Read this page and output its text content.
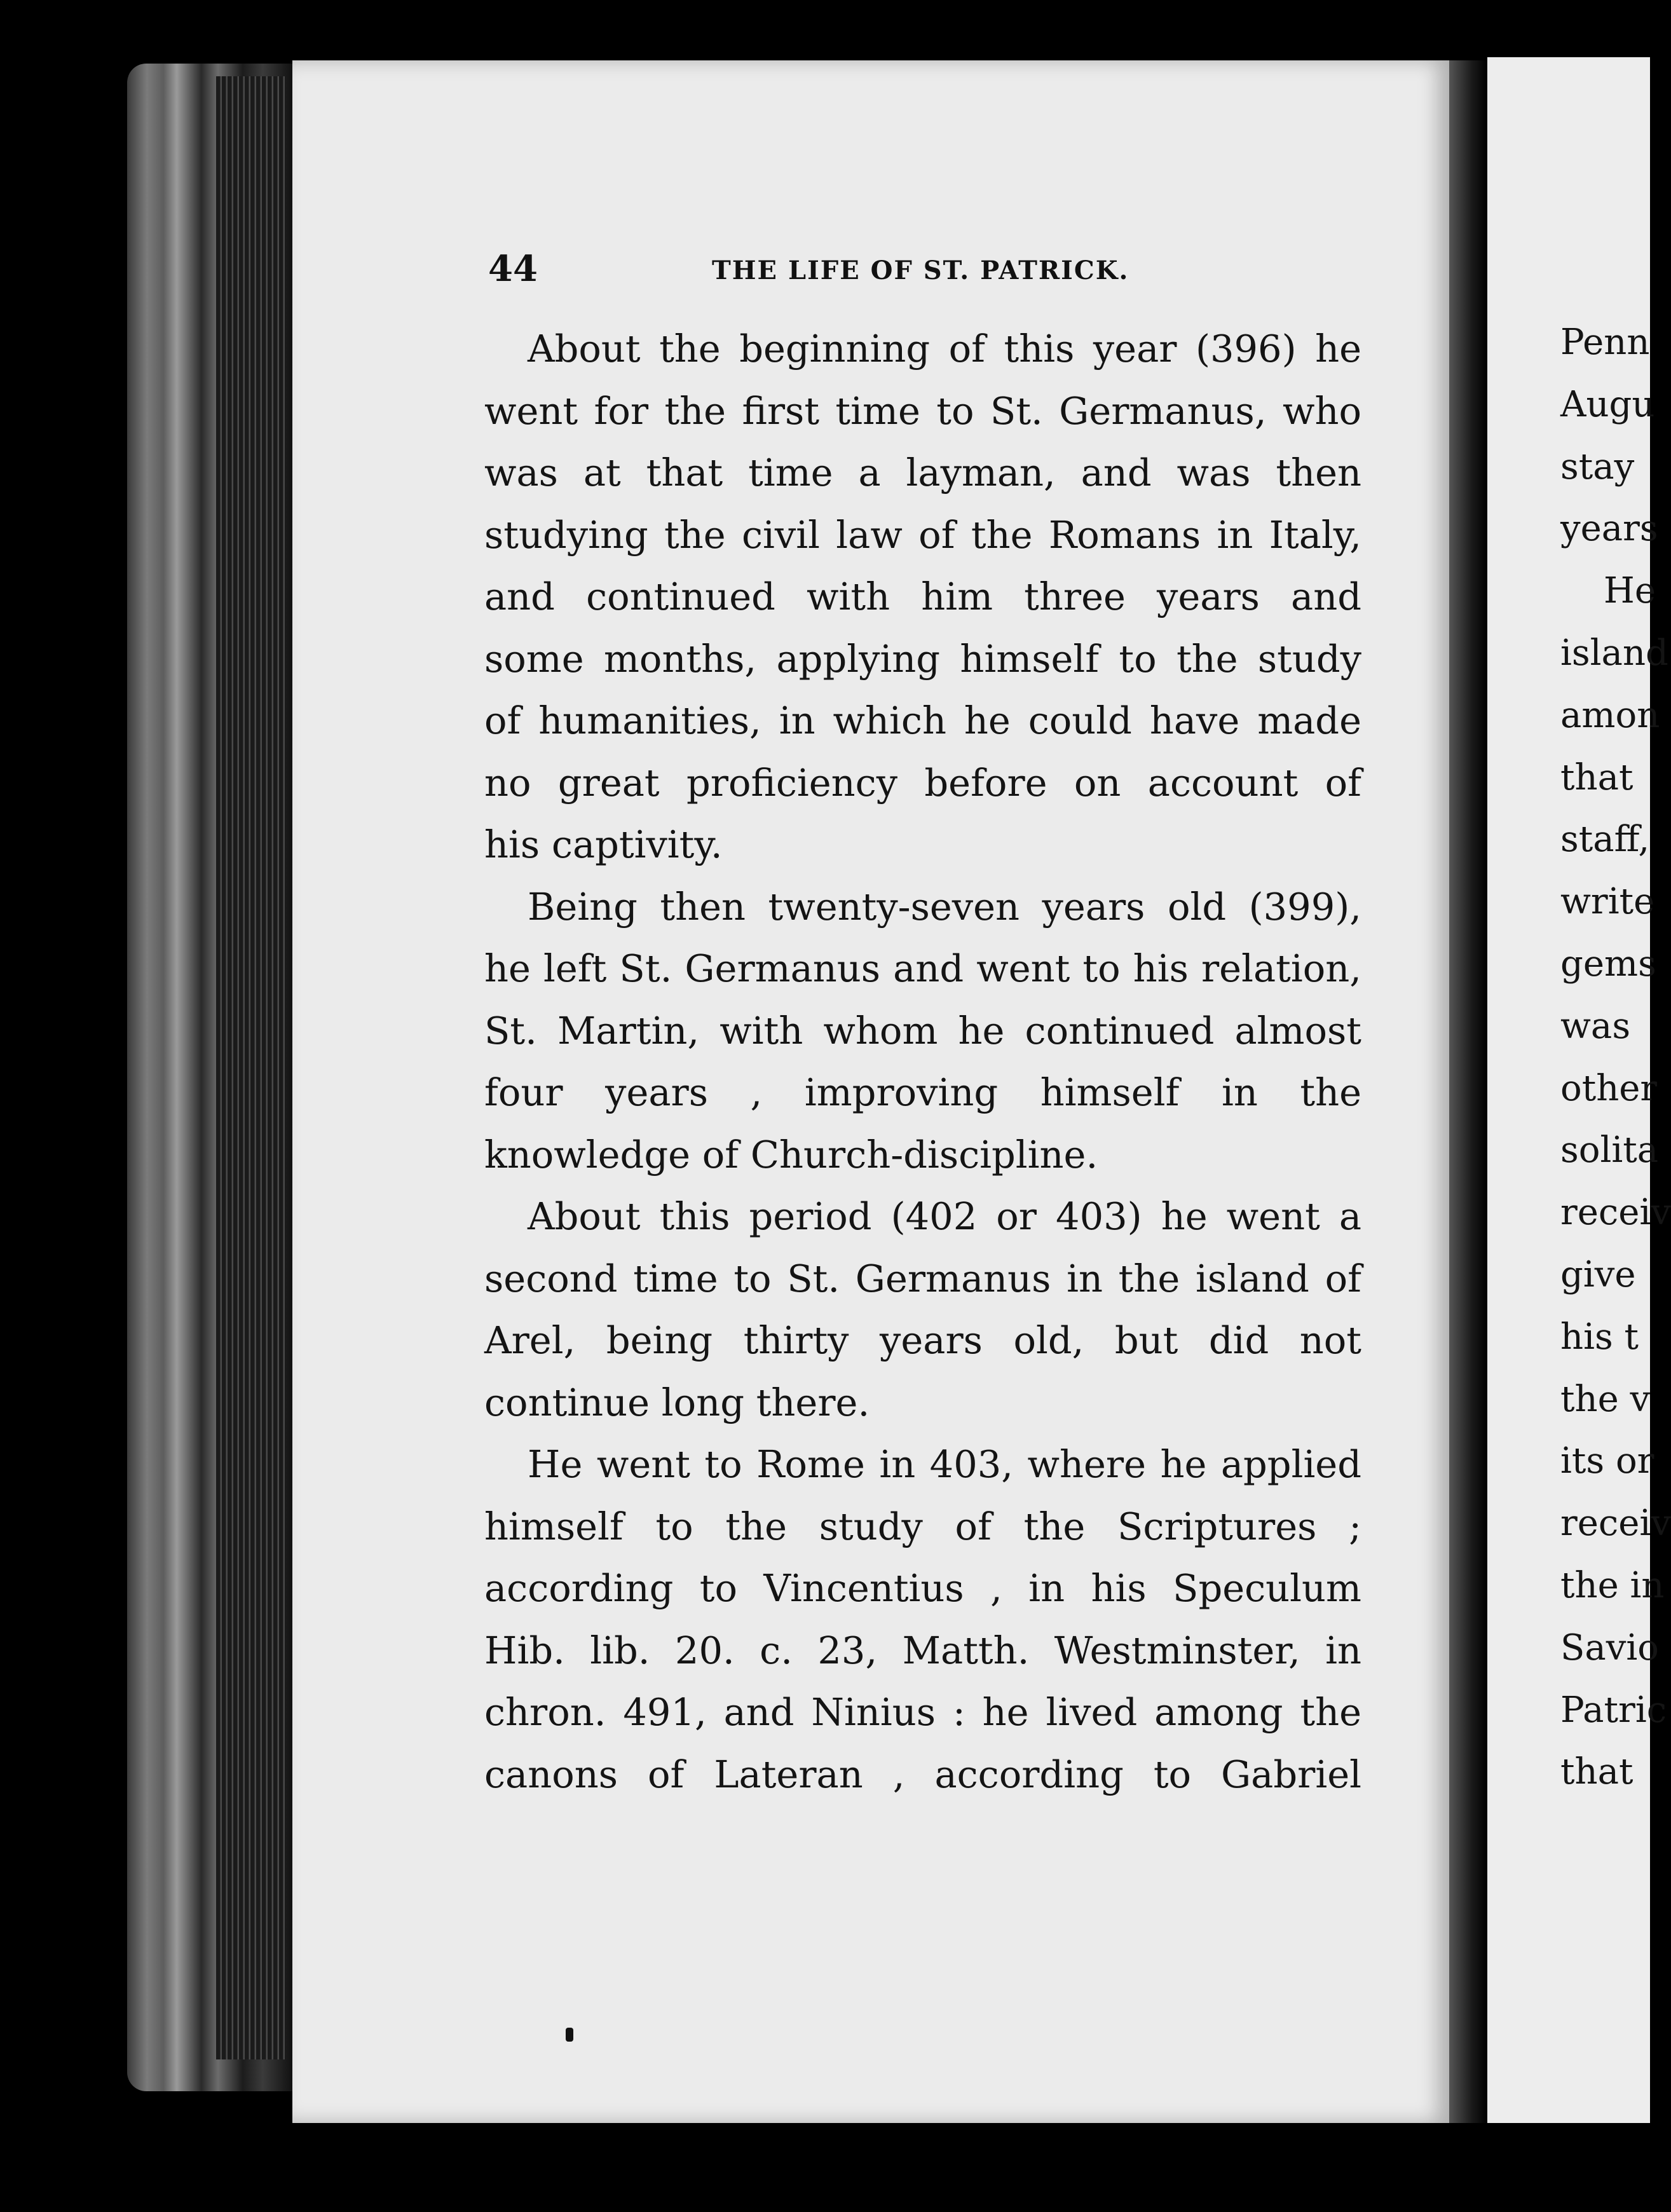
44	THE LIFE OF ST. PATRICK.
About the beginning of this year (396) he
went for the first time to St. Germanus, who
was at that time a layman, and was then
studying the civil law of the Romans in Italy,
and continued with him three years and
some months, applying himself to the study
of humanities, in which he could have made
no great proficiency before on account of
his captivity.
Being then twenty-seven years old (399),
he left St. Germanus and went to his relation,
St. Martin, with whom he continued almost
four years , improving himself in the
knowledge of Church-discipline.
About this period (402 or 403) he went a
second time to St. Germanus in the island of
Arel, being thirty years old, but did not
continue long there.
He went to Rome in 403, where he applied
himself to the study of the Scriptures ;
according to Vincentius , in his Speculum
Hib. lib. 20. c. 23, Matth. Westminster, in
chron. 491, and Ninius : he lived among the
canons of Lateran , according to Gabriel
Penn
Augu
stay
years
He
island
amon
that
staff,
write
gems
was
other
solita
receiv
give
his t
the v
its or
receiv
the in
Savio
Patric
that
